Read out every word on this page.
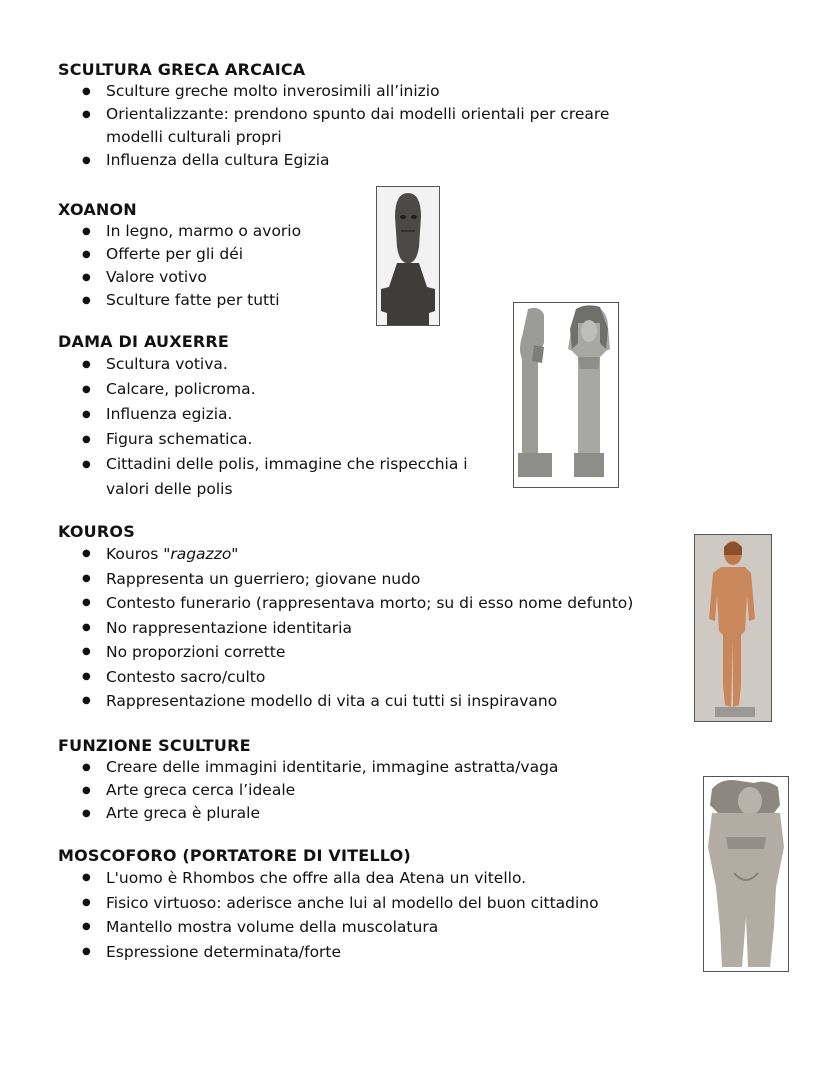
SCULTURA GRECA ARCAICA
● Sculture greche molto inverosimili all’inizio
● Orientalizzante: prendono spunto dai modelli orientali per creare modelli culturali propri
● Influenza della cultura Egizia
XOANON
● In legno, marmo o avorio
● Offerte per gli déi
● Valore votivo
● Sculture fatte per tutti
DAMA DI AUXERRE
● Scultura votiva.
● Calcare, policroma.
● Influenza egizia.
● Figura schematica.
● Cittadini delle polis, immagine che rispecchia i valori delle polis
KOUROS
● Kouros "ragazzo"
● Rappresenta un guerriero; giovane nudo
● Contesto funerario (rappresentava morto; su di esso nome defunto)
● No rappresentazione identitaria
● No proporzioni corrette
● Contesto sacro/culto
● Rappresentazione modello di vita a cui tutti si inspiravano
FUNZIONE SCULTURE
● Creare delle immagini identitarie, immagine astratta/vaga
● Arte greca cerca l’ideale
● Arte greca è plurale
MOSCOFORO (PORTATORE DI VITELLO)
● L'uomo è Rhombos che offre alla dea Atena un vitello.
● Fisico virtuoso: aderisce anche lui al modello del buon cittadino
● Mantello mostra volume della muscolatura
● Espressione determinata/forte
